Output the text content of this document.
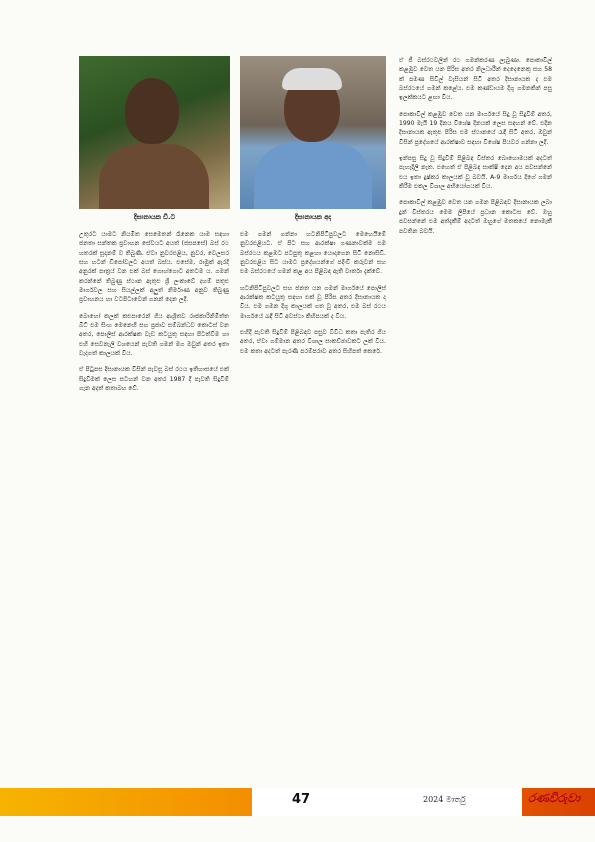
දිසානායක ඩී.ට	දිසානායක අද

උතුරට යාමට නියමිත සෙමෙතන් රෑනෙක යාම සඳහා ජනතා සන්තක ප්‍රවාහන සේවයට අයත් (ජසපසේ) බස් රථ හතරක් සූදානම් ව තිබුණි. ඒවා නුවරඑළිය, නුවර, වෙලසර සහ හටන් ඩිපෝවලට අයත් බස්ය. එසේම, රාමුක් ඇරදි අනුරක් පාත්‍රය් වන එක් බස් ගොහ්ගොට අතටම ය. ගමන් කරන්නේ තිබුණු ස්ථාන ඇතුළු ශ්‍රී ලංකාවේ දහම් පතුළු මාර්ගවල සහ සියල්ලක් අලුත් නිර්මාණ අනුව තිබුණු ප්‍රවාහනය හා වටපිටාවෙන් ගනන් දෙන ලදී.

බොහෝ කලක් කළුපාරෙන් ගිය ආශ්‍රිතව රාජකාරිනිමිත්ත බිට් එම සිංහ මෙනෙහි සහ ප්‍රජාව සම්බන්ධව කොටස් වන අතර, පොලිස් ආරක්ෂක වැඩ කටයුතු සඳහා පිටත්වීම හා එහි සෙවනැලි වශයෙන් පැවති ගමන් මග ඔවුන් අතර ඉතා වැදගත් කාලයක් විය.

ඒ පිටුපස දිසානායක විසින් පැවසූ බස් රථය ඉතිහාසයේ එක් සිදුවීමක් ලෙස සටහන් වන අතර 1987 දී පැවති සිදුවීම් ගැන අදත් කතාබහ වේ.

එම ගමන් ගන්නා හටනිපිටිපුවලට මෙහෙයීමේ නුවරඑළියට. ඒ පිට සහ ආරක්ෂා ගණනාවක්ම එම බස්රථය කළඹට පටපුතු කළහා යොදාගෙන සිටි නොසිඩි. නුවරඑළිය සිට යාමට ප්‍රදේශයන්ගේ පදිංචි කරුවන් සහ එම බස්රථයේ ගමන් කළ අය පිළිබඳ ඇති වාර්තා දැක්වේ.

හටනිපිටිපුවලට සහ ජනත යන ගමන් මාර්ගයේ පොලිස් ආරක්ෂක කටයුතු සඳහා එක් වූ පිරිස අතර දිසානායක ද විය. එම ගමන දිගු කාලයක් ගත වූ අතර, එම බස් රථය මාර්ගයේ රැඳී සිටි අවස්ථා කිහිපයක් ද විය.

එහිදී පැවති සිදුවීම් පිළිබඳව පසුව විවිධ කතා පැතිර ගිය අතර, ඒවා ගම්මාන අතර විශාල සාකච්ඡාවකට ලක් විය. එම කතා අදටත් පැරණි පරම්පරාව අතර සිහිපත් කෙරේ.

ඒ ජී බස්රථවලින් රථ ගමන්කරණ ලැබුණා. පොකාවිල් කළඹුව වෙත යන පිරිස අතර නිලධාරීන් දෙදෙනෙකු සහ 58 ක් පමණ සිවිල් වැසියන් සිටි අතර දිසානායක ද එම බස්රථයේ ගමන් කළේය. එම කණ්ඩායම දිගු ගමනකින් පසු ඉලක්කයට ළඟා විය.

පොකාවිල් කළඹුව වෙත යන මාර්ගයේ සිදු වූ සිදුවීම් අතර, 1990 මැයි 19 දිනය විශේෂ දිනයක් ලෙස සඳහන් වේ. එදින දිසානායක ඇතුළු පිරිස එම ස්ථානයේ රැඳී සිටි අතර, ඔවුන් විසින් ප්‍රදේශයේ ආරක්ෂාව සඳහා විශේෂ පියවර ගන්නා ලදී.

ඉන්පසු සිදු වූ සිදුවීම් පිළිබඳ විස්තර බොහොමයක් අදටත් පැහැදිලි නැත. එහෙත් ඒ පිළිබඳ සාක්ෂි දෙන අය පවසන්නේ එය ඉතා දුෂ්කර කාලයක් වූ බවයි. A-9 මාර්ගය දිගේ ගමන් කිරීම එකල විශාල අභියෝගයක් විය.

පොකාවිල් කළඹුව වෙත යන ගමන පිළිබඳව දිසානායක ලබා දුන් විස්තරය මෙම ලිපියේ ප්‍රධාන කොටස වේ. ඔහු පවසන්නේ එම අත්දැකීම් අදටත් ඔහුගේ මතකයේ නොමැකී පවතින බවයි.

47	2024 මාර්තු	රණවිරුවා
